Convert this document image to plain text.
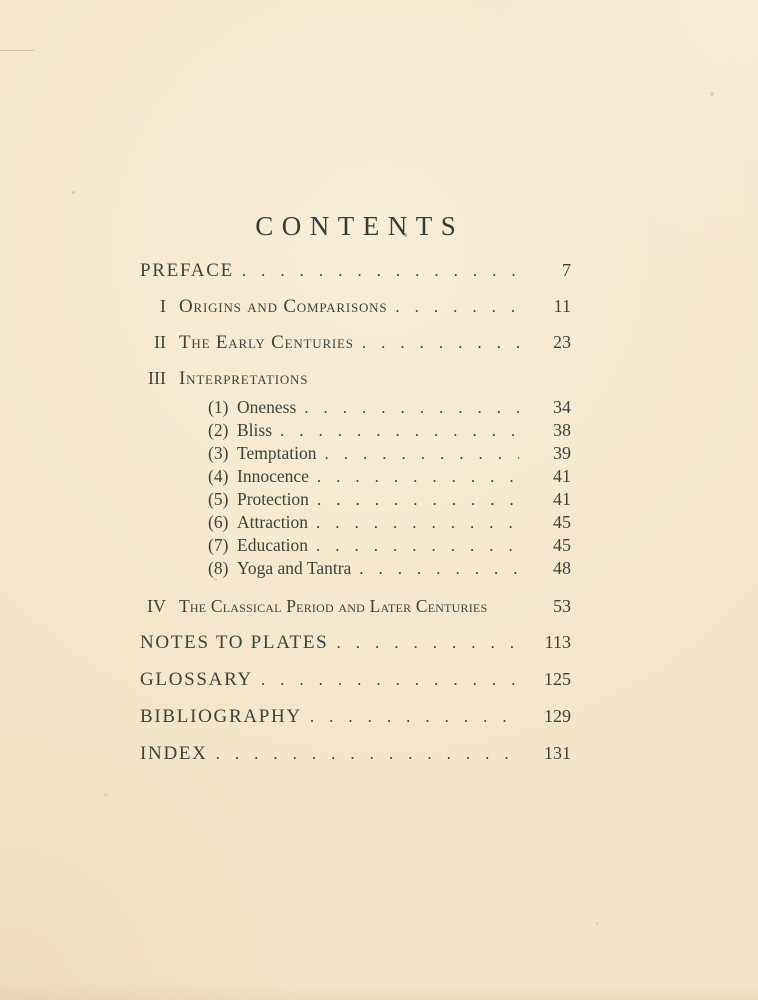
CONTENTS
PREFACE .....	7
I Origins and Comparisons .....	11
II The Early Centuries .....	23
III Interpretations
(1) Oneness .....	34
(2) Bliss .....	38
(3) Temptation .....	39
(4) Innocence .....	41
(5) Protection .....	41
(6) Attraction .....	45
(7) Education .....	45
(8) Yoga and Tantra .....	48
IV The Classical Period and Later Centuries	53
NOTES TO PLATES .....	113
GLOSSARY .....	125
BIBLIOGRAPHY .....	129
INDEX .....	131
